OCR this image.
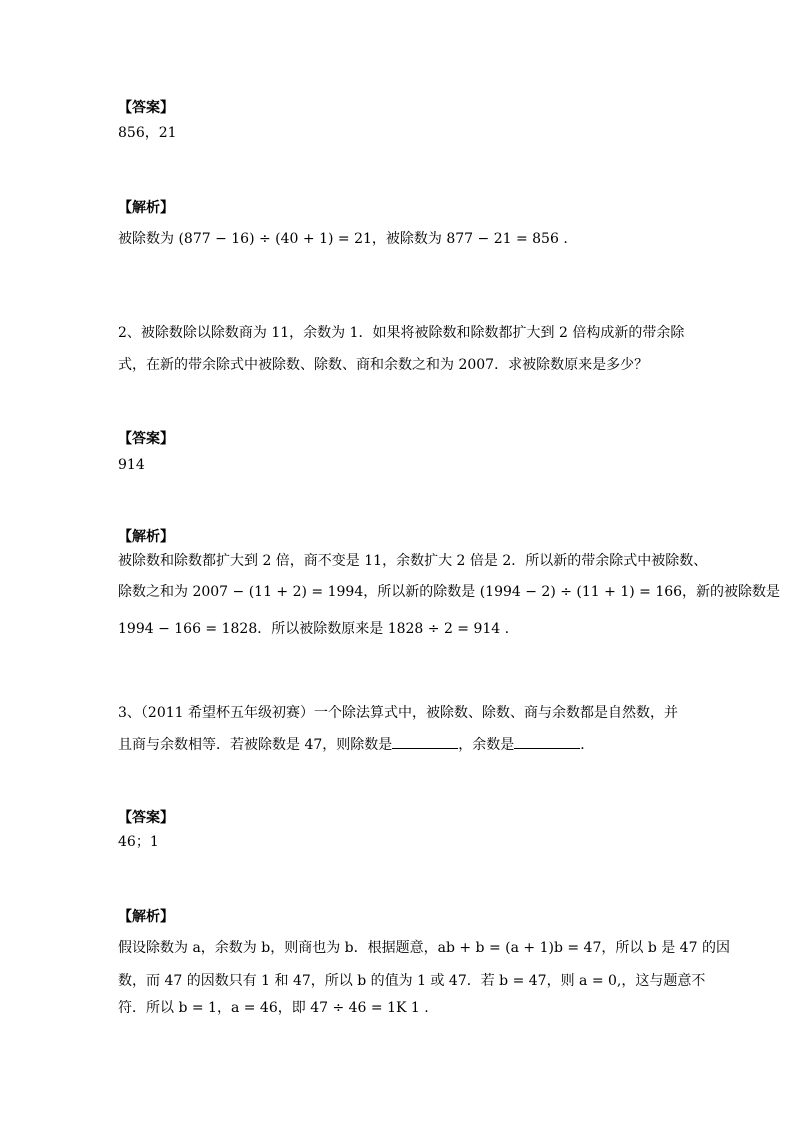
【答案】
856，21
【解析】
被除数为 (877 − 16) ÷ (40 + 1) = 21，被除数为 877 − 21 = 856 .
2、被除数除以除数商为 11，余数为 1．如果将被除数和除数都扩大到 2 倍构成新的带余除
式，在新的带余除式中被除数、除数、商和余数之和为 2007．求被除数原来是多少？
【答案】
914
【解析】
被除数和除数都扩大到 2 倍，商不变是 11，余数扩大 2 倍是 2．所以新的带余除式中被除数、
除数之和为 2007 − (11 + 2) = 1994，所以新的除数是 (1994 − 2) ÷ (11 + 1) = 166，新的被除数是
1994 − 166 = 1828．所以被除数原来是 1828 ÷ 2 = 914 .
3、（2011 希望杯五年级初赛）一个除法算式中，被除数、除数、商与余数都是自然数，并
且商与余数相等．若被除数是 47，则除数是	，余数是	．
【答案】
46；1
【解析】
假设除数为 a，余数为 b，则商也为 b．根据题意，ab + b = (a + 1)b = 47，所以 b 是 47 的因
数，而 47 的因数只有 1 和 47，所以 b 的值为 1 或 47．若 b = 47，则 a = 0,，这与题意不
符．所以 b = 1，a = 46，即 47 ÷ 46 = 1K 1 .
